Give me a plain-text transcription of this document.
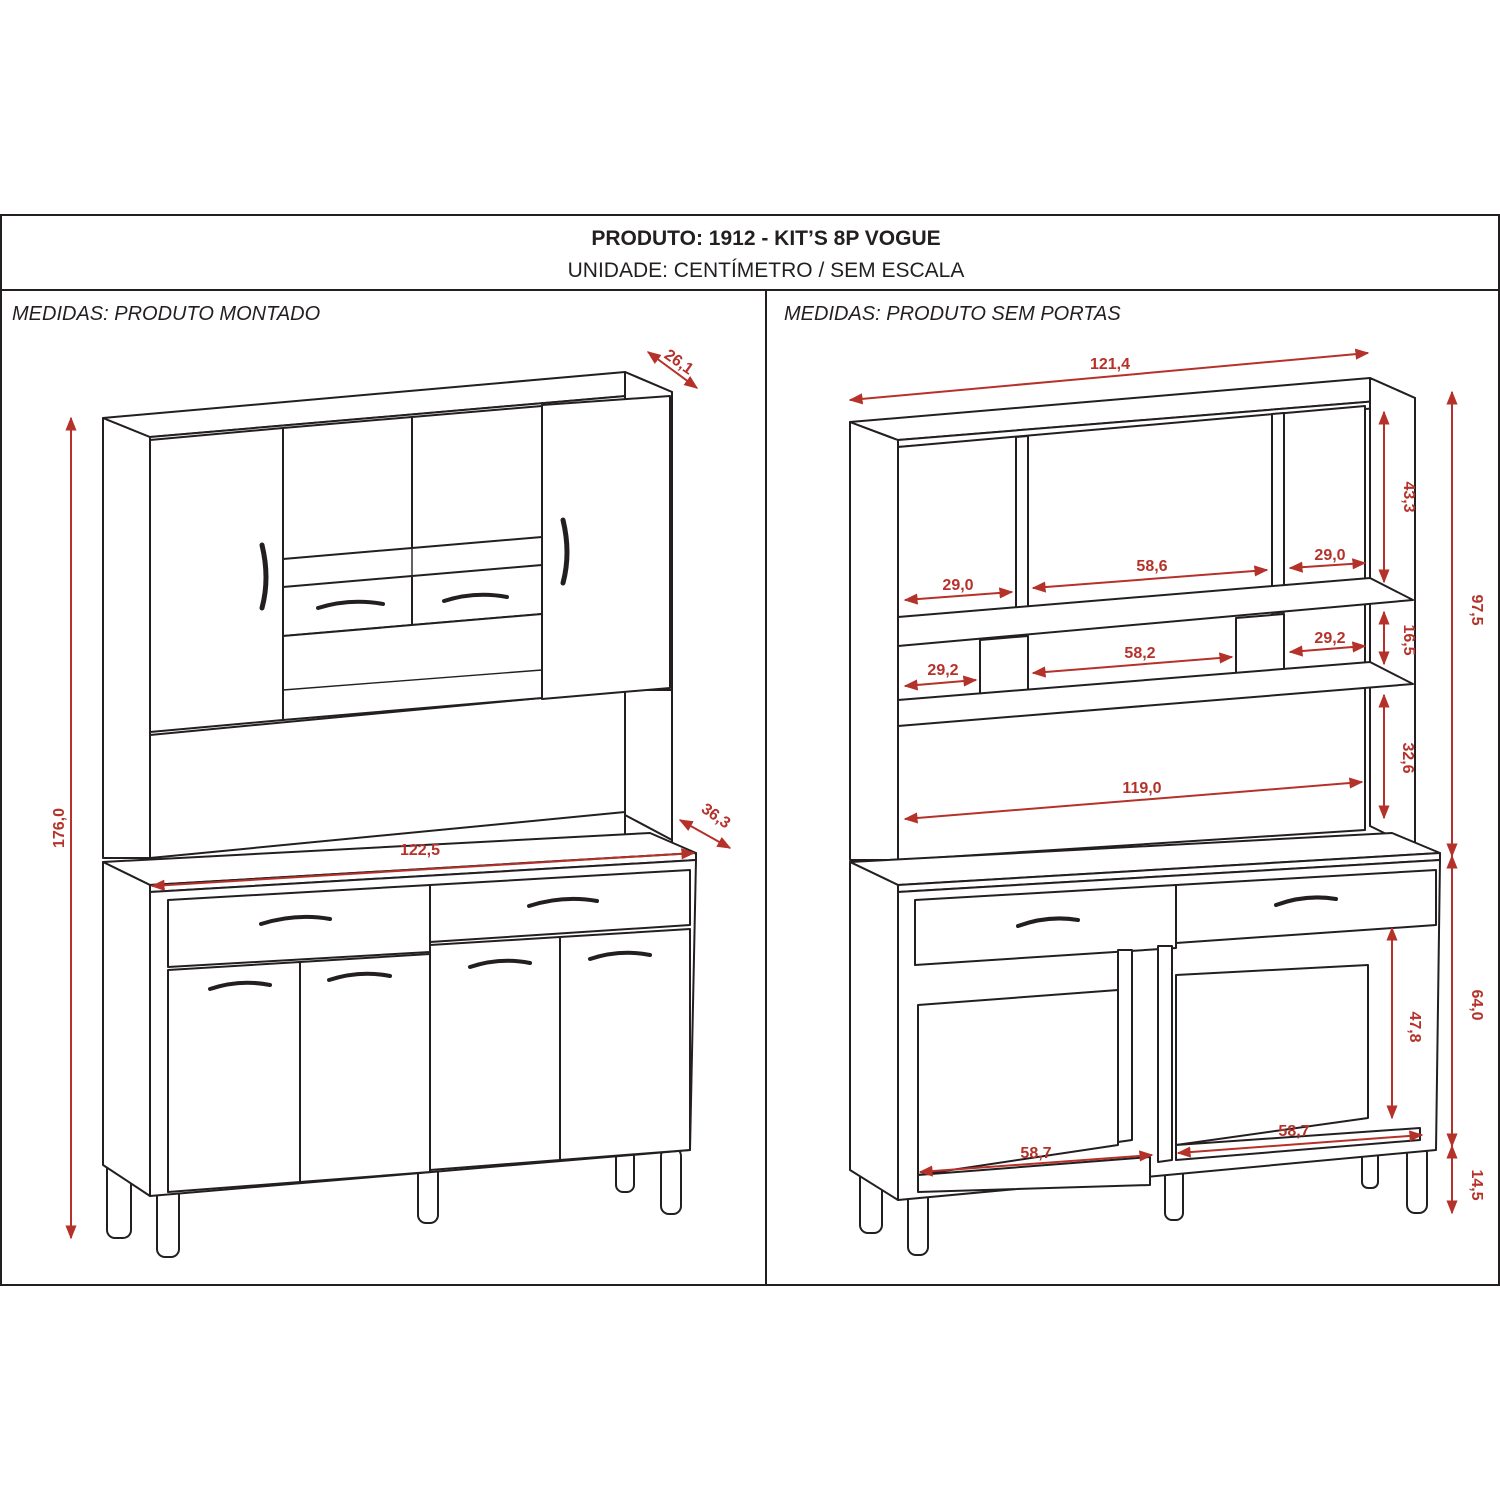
PRODUTO: 1912 - KIT’S 8P VOGUE
UNIDADE: CENTÍMETRO / SEM ESCALA
MEDIDAS: PRODUTO MONTADO	MEDIDAS: PRODUTO SEM PORTAS
176,0
122,5
26,1
36,3
121,4
97,5
64,0
14,5
29,0
58,6
29,0
43,3
29,2
58,2
29,2	16,5
119,0
32,6
58,7
58,7
47,8
